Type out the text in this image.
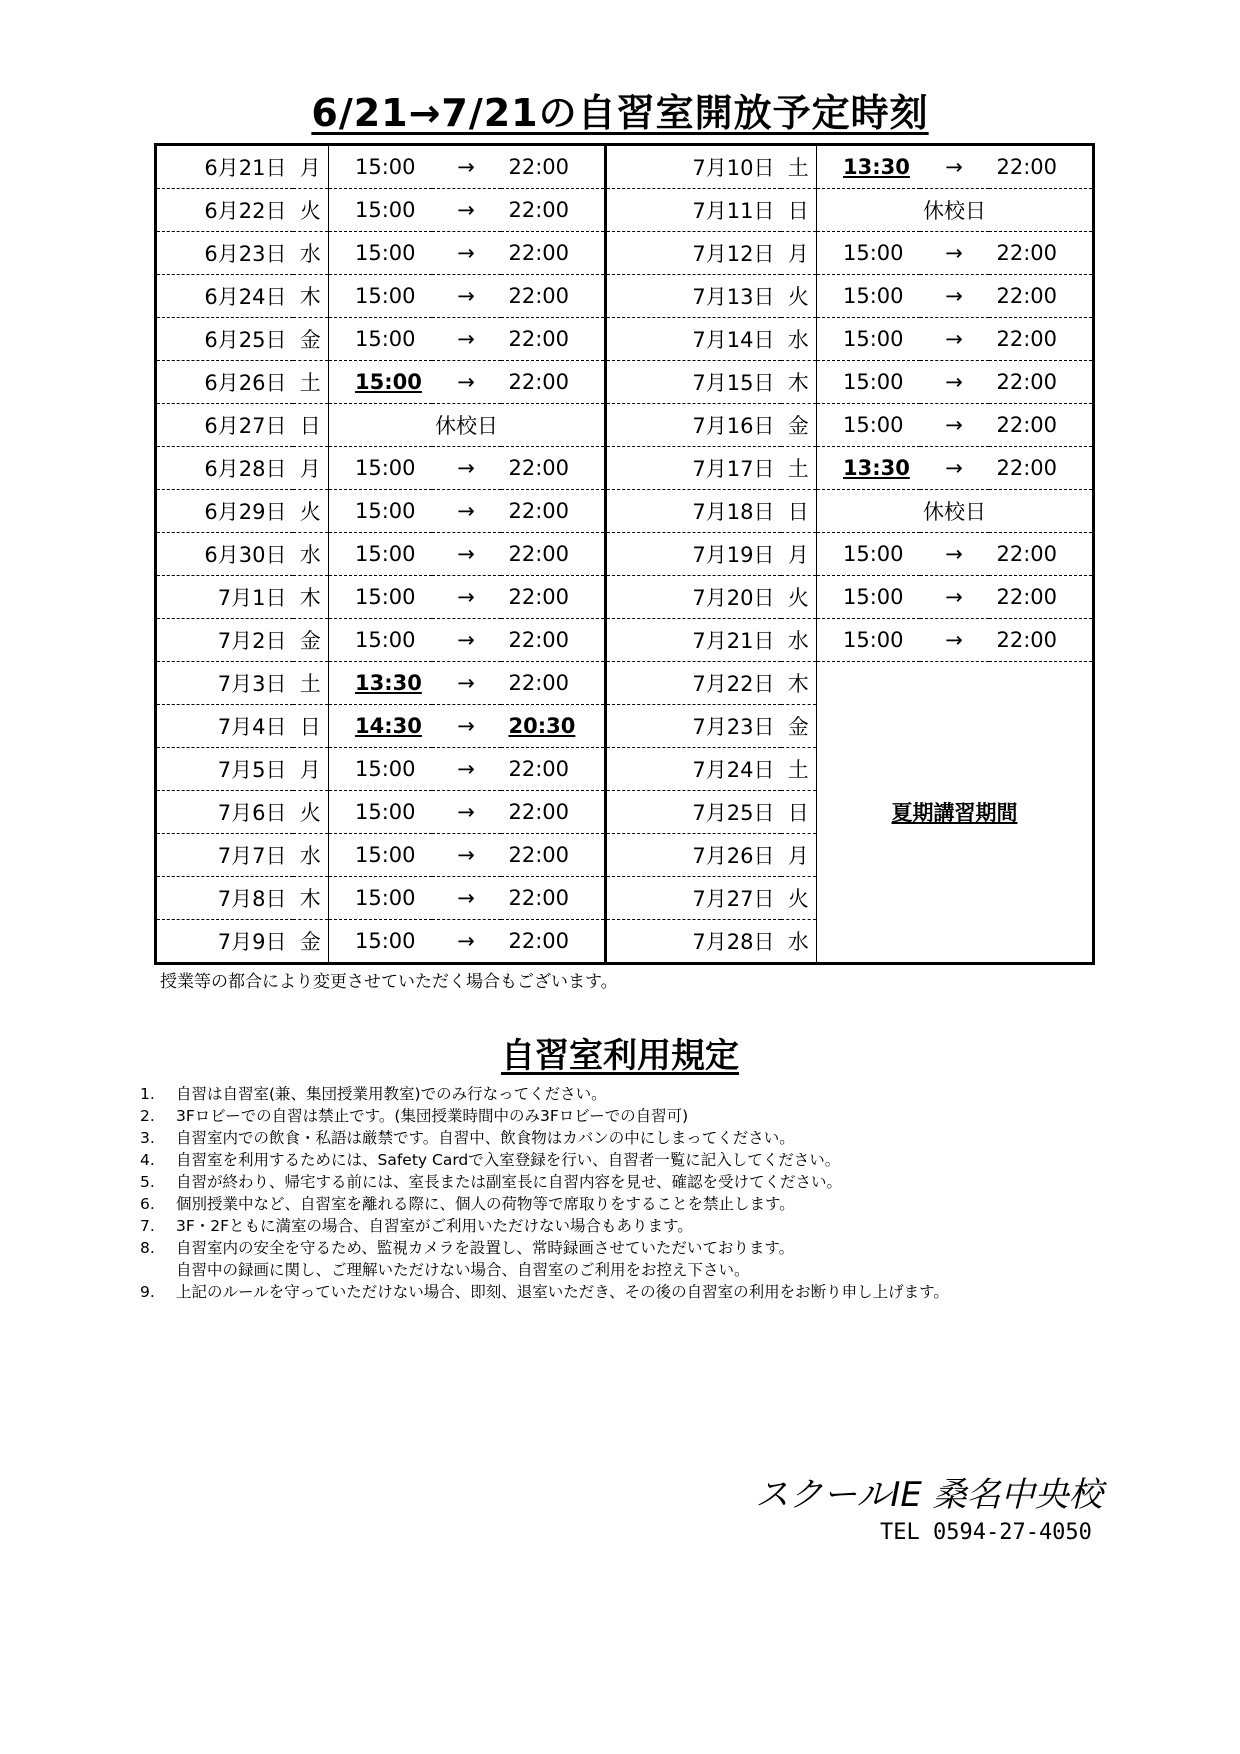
6/21→7/21の自習室開放予定時刻
6月21日	月	15:00	→	22:00	7月10日	土	13:30	→	22:00
6月22日	火	15:00	→	22:00	7月11日	日	休校日		
6月23日	水	15:00	→	22:00	7月12日	月	15:00	→	22:00
6月24日	木	15:00	→	22:00	7月13日	火	15:00	→	22:00
6月25日	金	15:00	→	22:00	7月14日	水	15:00	→	22:00
6月26日	土	15:00	→	22:00	7月15日	木	15:00	→	22:00
6月27日	日	休校日			7月16日	金	15:00	→	22:00
6月28日	月	15:00	→	22:00	7月17日	土	13:30	→	22:00
6月29日	火	15:00	→	22:00	7月18日	日	休校日		
6月30日	水	15:00	→	22:00	7月19日	月	15:00	→	22:00
7月1日	木	15:00	→	22:00	7月20日	火	15:00	→	22:00
7月2日	金	15:00	→	22:00	7月21日	水	15:00	→	22:00
7月3日	土	13:30	→	22:00	7月22日	木	夏期講習期間		
7月4日	日	14:30	→	20:30	7月23日	金			
7月5日	月	15:00	→	22:00	7月24日	土			
7月6日	火	15:00	→	22:00	7月25日	日			
7月7日	水	15:00	→	22:00	7月26日	月			
7月8日	木	15:00	→	22:00	7月27日	火			
7月9日	金	15:00	→	22:00	7月28日	水			
授業等の都合により変更させていただく場合もございます。
自習室利用規定
1. 自習は自習室(兼、集団授業用教室)でのみ行なってください。
2. 3Fロビーでの自習は禁止です。(集団授業時間中のみ3Fロビーでの自習可)
3. 自習室内での飲食・私語は厳禁です。自習中、飲食物はカバンの中にしまってください。
4. 自習室を利用するためには、Safety Cardで入室登録を行い、自習者一覧に記入してください。
5. 自習が終わり、帰宅する前には、室長または副室長に自習内容を見せ、確認を受けてください。
6. 個別授業中など、自習室を離れる際に、個人の荷物等で席取りをすることを禁止します。
7. 3F・2Fともに満室の場合、自習室がご利用いただけない場合もあります。
8. 自習室内の安全を守るため、監視カメラを設置し、常時録画させていただいております。
自習中の録画に関し、ご理解いただけない場合、自習室のご利用をお控え下さい。
9. 上記のルールを守っていただけない場合、即刻、退室いただき、その後の自習室の利用をお断り申し上げます。
スクールIE 桑名中央校
TEL 0594-27-4050
